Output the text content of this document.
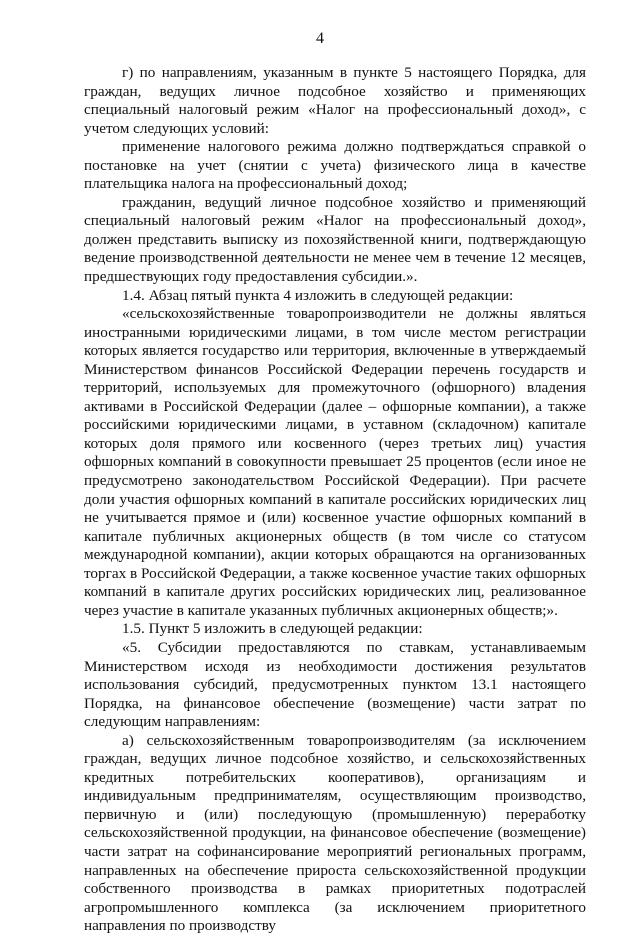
4

г) по направлениям, указанным в пункте 5 настоящего Порядка, для граждан, ведущих личное подсобное хозяйство и применяющих специальный налоговый режим «Налог на профессиональный доход», с учетом следующих условий:

применение налогового режима должно подтверждаться справкой о постановке на учет (снятии с учета) физического лица в качестве плательщика налога на профессиональный доход;

гражданин, ведущий личное подсобное хозяйство и применяющий специальный налоговый режим «Налог на профессиональный доход», должен представить выписку из похозяйственной книги, подтверждающую ведение производственной деятельности не менее чем в течение 12 месяцев, предшествующих году предоставления субсидии.».

1.4. Абзац пятый пункта 4 изложить в следующей редакции:

«сельскохозяйственные товаропроизводители не должны являться иностранными юридическими лицами, в том числе местом регистрации которых является государство или территория, включенные в утверждаемый Министерством финансов Российской Федерации перечень государств и территорий, используемых для промежуточного (офшорного) владения активами в Российской Федерации (далее – офшорные компании), а также российскими юридическими лицами, в уставном (складочном) капитале которых доля прямого или косвенного (через третьих лиц) участия офшорных компаний в совокупности превышает 25 процентов (если иное не предусмотрено законодательством Российской Федерации). При расчете доли участия офшорных компаний в капитале российских юридических лиц не учитывается прямое и (или) косвенное участие офшорных компаний в капитале публичных акционерных обществ (в том числе со статусом международной компании), акции которых обращаются на организованных торгах в Российской Федерации, а также косвенное участие таких офшорных компаний в капитале других российских юридических лиц, реализованное через участие в капитале указанных публичных акционерных обществ;».

1.5. Пункт 5 изложить в следующей редакции:

«5. Субсидии предоставляются по ставкам, устанавливаемым Министерством исходя из необходимости достижения результатов использования субсидий, предусмотренных пунктом 13.1 настоящего Порядка, на финансовое обеспечение (возмещение) части затрат по следующим направлениям:

а) сельскохозяйственным товаропроизводителям (за исключением граждан, ведущих личное подсобное хозяйство, и сельскохозяйственных кредитных потребительских кооперативов), организациям и индивидуальным предпринимателям, осуществляющим производство, первичную и (или) последующую (промышленную) переработку сельскохозяйственной продукции, на финансовое обеспечение (возмещение) части затрат на софинансирование мероприятий региональных программ, направленных на обеспечение прироста сельскохозяйственной продукции собственного производства в рамках приоритетных подотраслей агропромышленного комплекса (за исключением приоритетного направления по производству
